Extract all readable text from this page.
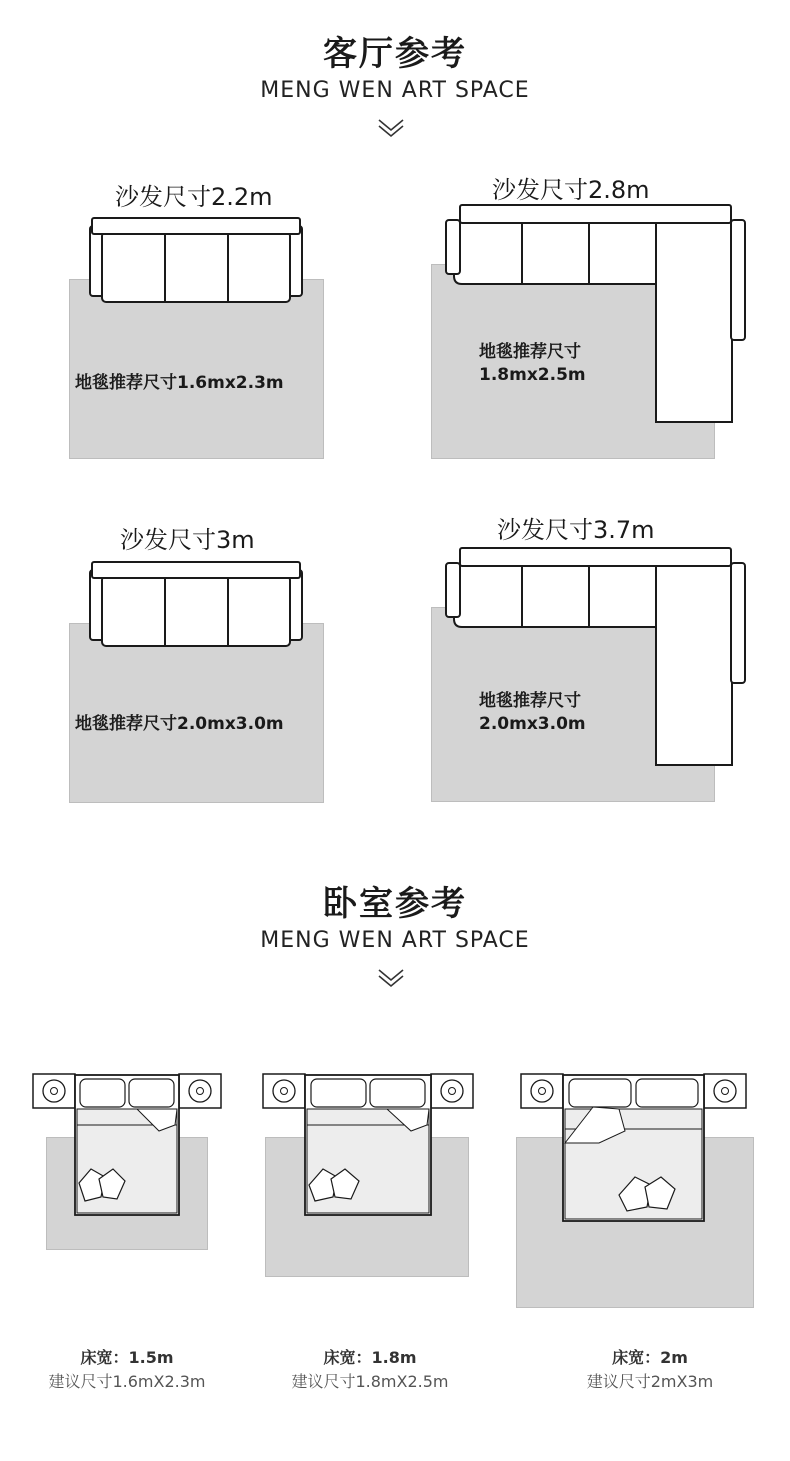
客厅参考
MENG WEN ART SPACE
沙发尺寸2.2m
地毯推荐尺寸1.6mx2.3m
沙发尺寸2.8m
地毯推荐尺寸
1.8mx2.5m
沙发尺寸3m
地毯推荐尺寸2.0mx3.0m
沙发尺寸3.7m
地毯推荐尺寸
2.0mx3.0m
卧室参考
MENG WEN ART SPACE
床宽：1.5m
建议尺寸1.6mX2.3m
床宽：1.8m
建议尺寸1.8mX2.5m
床宽：2m
建议尺寸2mX3m
